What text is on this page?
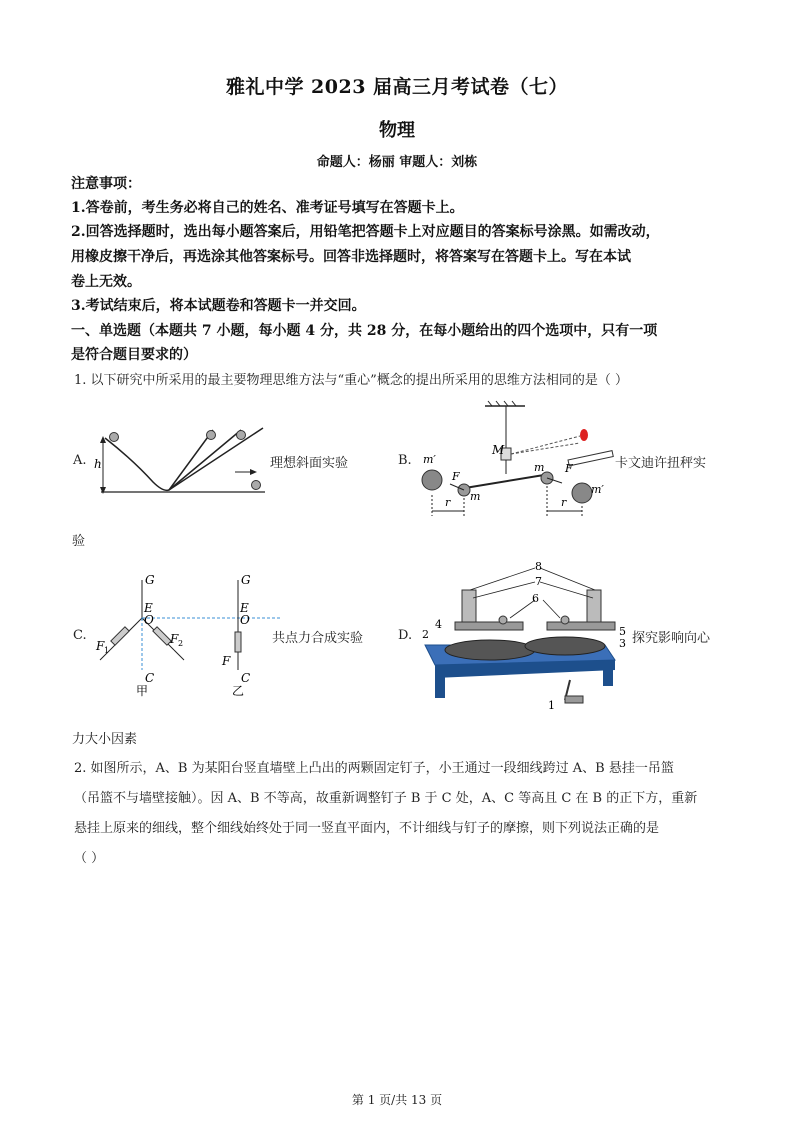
雅礼中学 2023 届高三月考试卷（七）
物理
命题人：杨丽 审题人：刘栋
注意事项：
1.答卷前，考生务必将自己的姓名、准考证号填写在答题卡上。
2.回答选择题时，选出每小题答案后，用铅笔把答题卡上对应题目的答案标号涂黑。如需改动，
用橡皮擦干净后，再选涂其他答案标号。回答非选择题时，将答案写在答题卡上。写在本试
卷上无效。
3.考试结束后，将本试题卷和答题卡一并交回。
一、单选题（本题共 7 小题，每小题 4 分，共 28 分，在每小题给出的四个选项中，只有一项
是符合题目要求的）
1. 以下研究中所采用的最主要物理思维方法与“重心”概念的提出所采用的思维方法相同的是（ ）
A. h	理想斜面实验	B.
M
m′
m′
F
F
m
m
r	r
卡文迪许扭秤实
验
C.
G
E
O
F 1
F 2
C
甲
G
E
O
F
C
乙
共点力合成实验	D.
8
7
6
5
3
4
2
1
探究影响向心
力大小因素
2. 如图所示，A、B 为某阳台竖直墙壁上凸出的两颗固定钉子，小王通过一段细线跨过 A、B 悬挂一吊篮
（吊篮不与墙壁接触）。因 A、B 不等高，故重新调整钉子 B 于 C 处，A、C 等高且 C 在 B 的正下方，重新
悬挂上原来的细线，整个细线始终处于同一竖直平面内，不计细线与钉子的摩擦，则下列说法正确的是
（ ）
第 1 页/共 13 页
